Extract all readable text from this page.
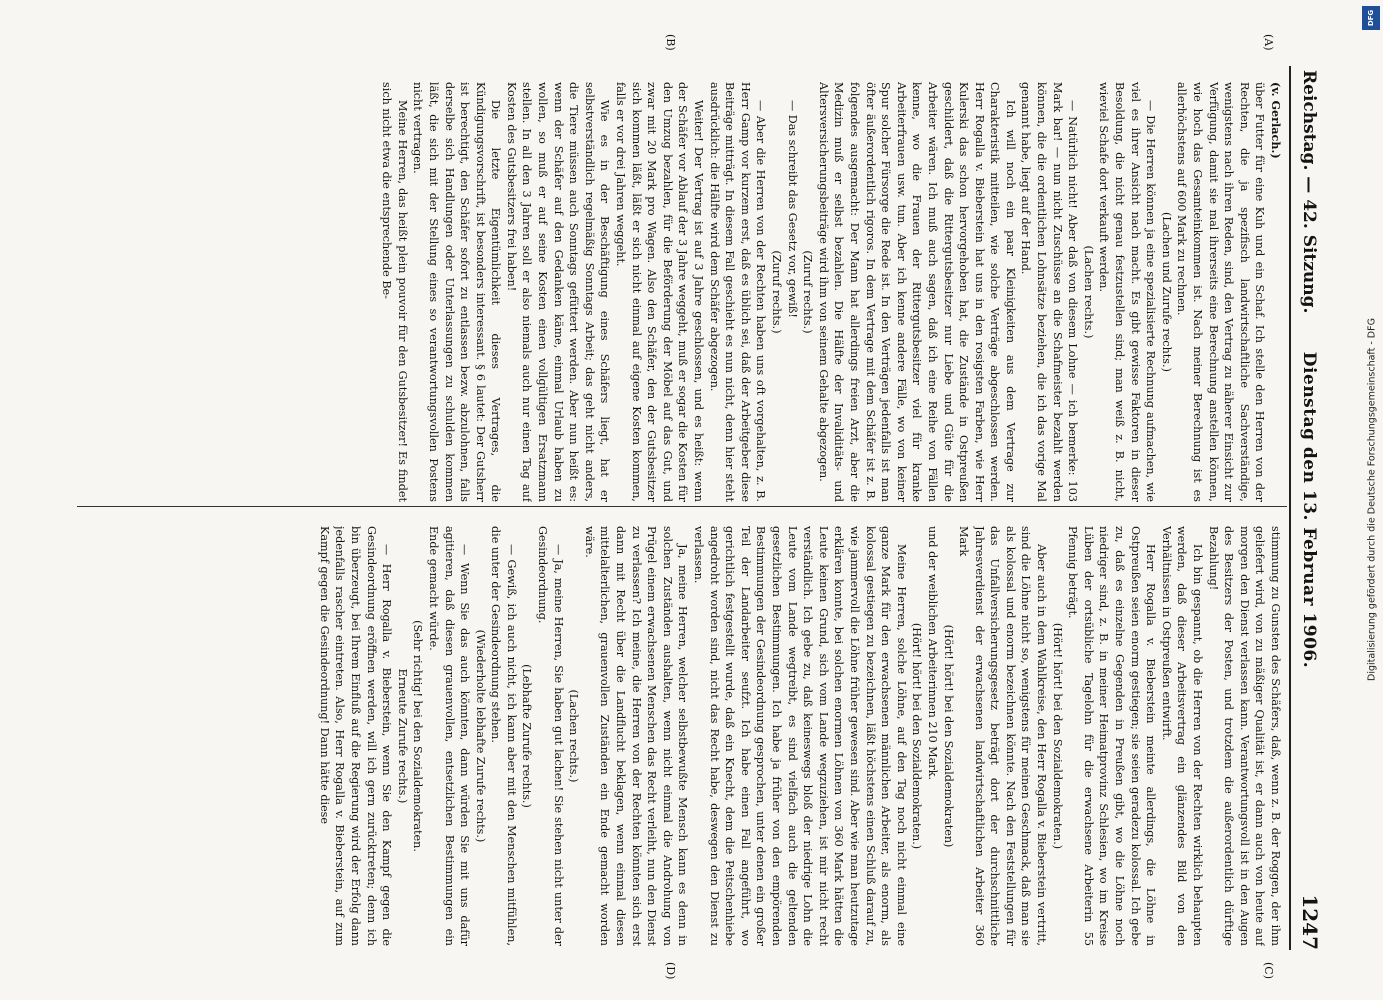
Reichstag. — 42. Sitzung.
Dienstag den 13. Februar 1906.
1247
(A)
(B)
(C)
(D)

(v. Gerlach.)

über Futter für eine Kuh und ein Schaf. Ich stelle den Herren von der Rechten, die ja spezifisch landwirtschaftliche Sachverständige, wenigstens nach ihren Reden, sind, den Vertrag zu näherer Einsicht zur Verfügung, damit sie mal ihrerseits eine Berechnung anstellen können, wie hoch das Gesamteinkommen ist. Nach meiner Berechnung ist es allerhöchstens auf 600 Mark zu rechnen.

(Lachen und Zurufe rechts.)

— Die Herren können ja eine spezialisierte Rechnung aufmachen, wie viel es ihrer Ansicht nach macht. Es gibt gewisse Faktoren in dieser Besoldung, die nicht genau festzustellen sind; man weiß z. B. nicht, wieviel Schafe dort verkauft werden.

(Lachen rechts.)

— Natürlich nicht! Aber daß von diesem Lohne — ich bemerke: 103 Mark bar! — nun nicht Zuschüsse an die Schafmeister bezahlt werden können, die die ordentlichen Lohnsätze beziehen, die ich das vorige Mal genannt habe, liegt auf der Hand.

Ich will noch ein paar Kleinigkeiten aus dem Vertrage zur Charakteristik mitteilen, wie solche Verträge abgeschlossen werden. Herr Rogalla v. Bieberstein hat uns in den rosigsten Farben, wie Herr Kulerski das schon hervorgehoben hat, die Zustände in Ostpreußen geschildert, daß die Rittergutsbesitzer nur Liebe und Güte für die Arbeiter wären. Ich muß auch sagen, daß ich eine Reihe von Fällen kenne, wo die Frauen der Rittergutsbesitzer viel für kranke Arbeiterfrauen usw. tun. Aber ich kenne andere Fälle, wo von keiner Spur solcher Fürsorge die Rede ist. In den Verträgen jedenfalls ist man öfter äußerordentlich rigoros. In dem Vertrage mit dem Schäfer ist z. B. folgendes ausgemacht: Der Mann hat allerdings freien Arzt, aber die Medizin muß er selbst bezahlen. Die Hälfte der Invaliditäts- und Altersversicherungsbeiträge wird ihm von seinem Gehalte abgezogen.

(Zuruf rechts.)

— Das schreibt das Gesetz vor, gewiß!

(Zuruf rechts.)

— Aber die Herren von der Rechten haben uns oft vorgehalten, z. B. Herr Gamp vor kurzem erst, daß es üblich sei, daß der Arbeitgeber diese Beiträge mitträgt. In diesem Fall geschieht es nun nicht, denn hier steht ausdrücklich: die Hälfte wird dem Schäfer abgezogen.

Weiter! Der Vertrag ist auf 3 Jahre geschlossen, und es heißt: wenn der Schäfer vor Ablauf der 3 Jahre weggeht, muß er sogar die Kosten für den Umzug bezahlen, für die Beförderung der Möbel auf das Gut, und zwar mit 20 Mark pro Wagen. Also den Schäfer, den der Gutsbesitzer sich kommen läßt, läßt er sich nicht einmal auf eigene Kosten kommen, falls er vor drei Jahren weggeht.

Wie es in der Beschäftigung eines Schäfers liegt, hat er selbstverständlich regelmäßig Sonntags Arbeit; das geht nicht anders, die Tiere müssen auch Sonntags gefüttert werden. Aber nun heißt es: wenn der Schäfer auf den Gedanken käme, einmal Urlaub haben zu wollen, so muß er auf seine Kosten einen vollgültigen Ersatzmann stellen. In all den 3 Jahren soll er also niemals auch nur einen Tag auf Kosten des Gutsbesitzers frei haben!

Die letzte Eigentümlichkeit dieses Vertrages, die Kündigungsvorschrift, ist besonders interessant. § 6 lautet: Der Gutsherr ist berechtigt, den Schäfer sofort zu entlassen bezw. abzulohnen, falls derselbe sich Handlungen oder Unterlassungen zu schulden kommen läßt, die sich mit der Stellung eines so verantwortungsvollen Postens nicht vertragen.

Meine Herren, das heißt plein pouvoir für den Gutsbesitzer! Es findet sich nicht etwa die entsprechende Be-

stimmung zu Gunsten des Schäfers, daß, wenn z. B. der Roggen, der ihm geliefert wird, von zu mäßiger Qualität ist, er dann auch von heute auf morgen den Dienst verlassen kann. Verantwortungsvoll ist in den Augen des Besitzers der Posten, und trotzdem die außerordentlich dürftige Bezahlung!

Ich bin gespannt, ob die Herren von der Rechten wirklich behaupten werden, daß dieser Arbeitsvertrag ein glänzendes Bild von den Verhältnissen in Ostpreußen entwirft.

Herr Rogalla v. Bieberstein meinte allerdings, die Löhne in Ostpreußen seien enorm gestiegen; sie seien geradezu kolossal. Ich gebe zu, daß es einzelne Gegenden in Preußen gibt, wo die Löhne noch niedriger sind, z. B. in meiner Heimatprovinz Schlesien, wo im Kreise Lüben der ortsübliche Tagelohn für die erwachsene Arbeiterin 55 Pfennig beträgt.

(Hört! hört! bei den Sozialdemokraten.)

Aber auch in dem Wahlkreise, den Herr Rogalla v. Bieberstein vertritt, sind die Löhne nicht so, wenigstens für meinen Geschmack, daß man sie als kolossal und enorm bezeichnen könnte. Nach den Feststellungen für das Unfallversicherungsgesetz beträgt dort der durchschnittliche Jahresverdienst der erwachsenen landwirtschaftlichen Arbeiter 360 Mark

(Hört! hört! bei den Sozialdemokraten)

und der weiblichen Arbeiterinnen 210 Mark.

(Hört! hört! bei den Sozialdemokraten.)

Meine Herren, solche Löhne, auf den Tag noch nicht einmal eine ganze Mark für den erwachsenen männlichen Arbeiter, als enorm, als kolossal gestiegen zu bezeichnen, läßt höchstens einen Schluß darauf zu, wie jammervoll die Löhne früher gewesen sind. Aber wie man heutzutage erklären konnte, bei solchen enormen Löhnen von 360 Mark hätten die Leute keinen Grund, sich vom Lande wegzuziehen, ist mir nicht recht verständlich. Ich gebe zu, daß keineswegs bloß der niedrige Lohn die Leute vom Lande wegtreibt, es sind vielfach auch die geltenden gesetzlichen Bestimmungen. Ich habe ja früher von den empörenden Bestimmungen der Gesindeordnung gesprochen, unter denen ein großer Teil der Landarbeiter seufzt. Ich habe einen Fall angeführt, wo gerichtlich festgestellt wurde, daß ein Knecht, dem die Peitschenhiebe angedroht worden sind, nicht das Recht habe, deswegen den Dienst zu verlassen.

Ja, meine Herren, welcher selbstbewußte Mensch kann es denn in solchen Zuständen aushalten, wenn nicht einmal die Androhung von Prügel einem erwachsenen Menschen das Recht verleiht, nun den Dienst zu verlassen? Ich meine, die Herren von der Rechten könnten sich erst dann mit Recht über die Landflucht beklagen, wenn einmal diesen mittelalterlichen, grauenvollen Zuständen ein Ende gemacht worden wäre.

(Lachen rechts.)

— Ja, meine Herren, Sie haben gut lachen! Sie stehen nicht unter der Gesindeordnung.

(Lebhafte Zurufe rechts.)

— Gewiß, ich auch nicht, ich kann aber mit den Menschen mitfühlen, die unter der Gesindeordnung stehen.

(Wiederholte lebhafte Zurufe rechts.)

— Wenn Sie das auch könnten, dann würden Sie mit uns dafür agitieren, daß diesen grauenvollen, entsetzlichen Bestimmungen ein Ende gemacht würde.

(Sehr richtig! bei den Sozialdemokraten.

Erneute Zurufe rechts.)

— Herr Rogalla v. Bieberstein, wenn Sie den Kampf gegen die Gesindeordnung eröffnen werden, will ich gern zurücktreten; denn ich bin überzeugt, bei Ihrem Einfluß auf die Regierung wird der Erfolg dann jedenfalls rascher eintreten. Also, Herr Rogalla v. Bieberstein, auf zum Kampf gegen die Gesindeordnung! Dann hätte diese	Digitalisierung gefördert durch die Deutsche Forschungsgemeinschaft - DFG
DFG
